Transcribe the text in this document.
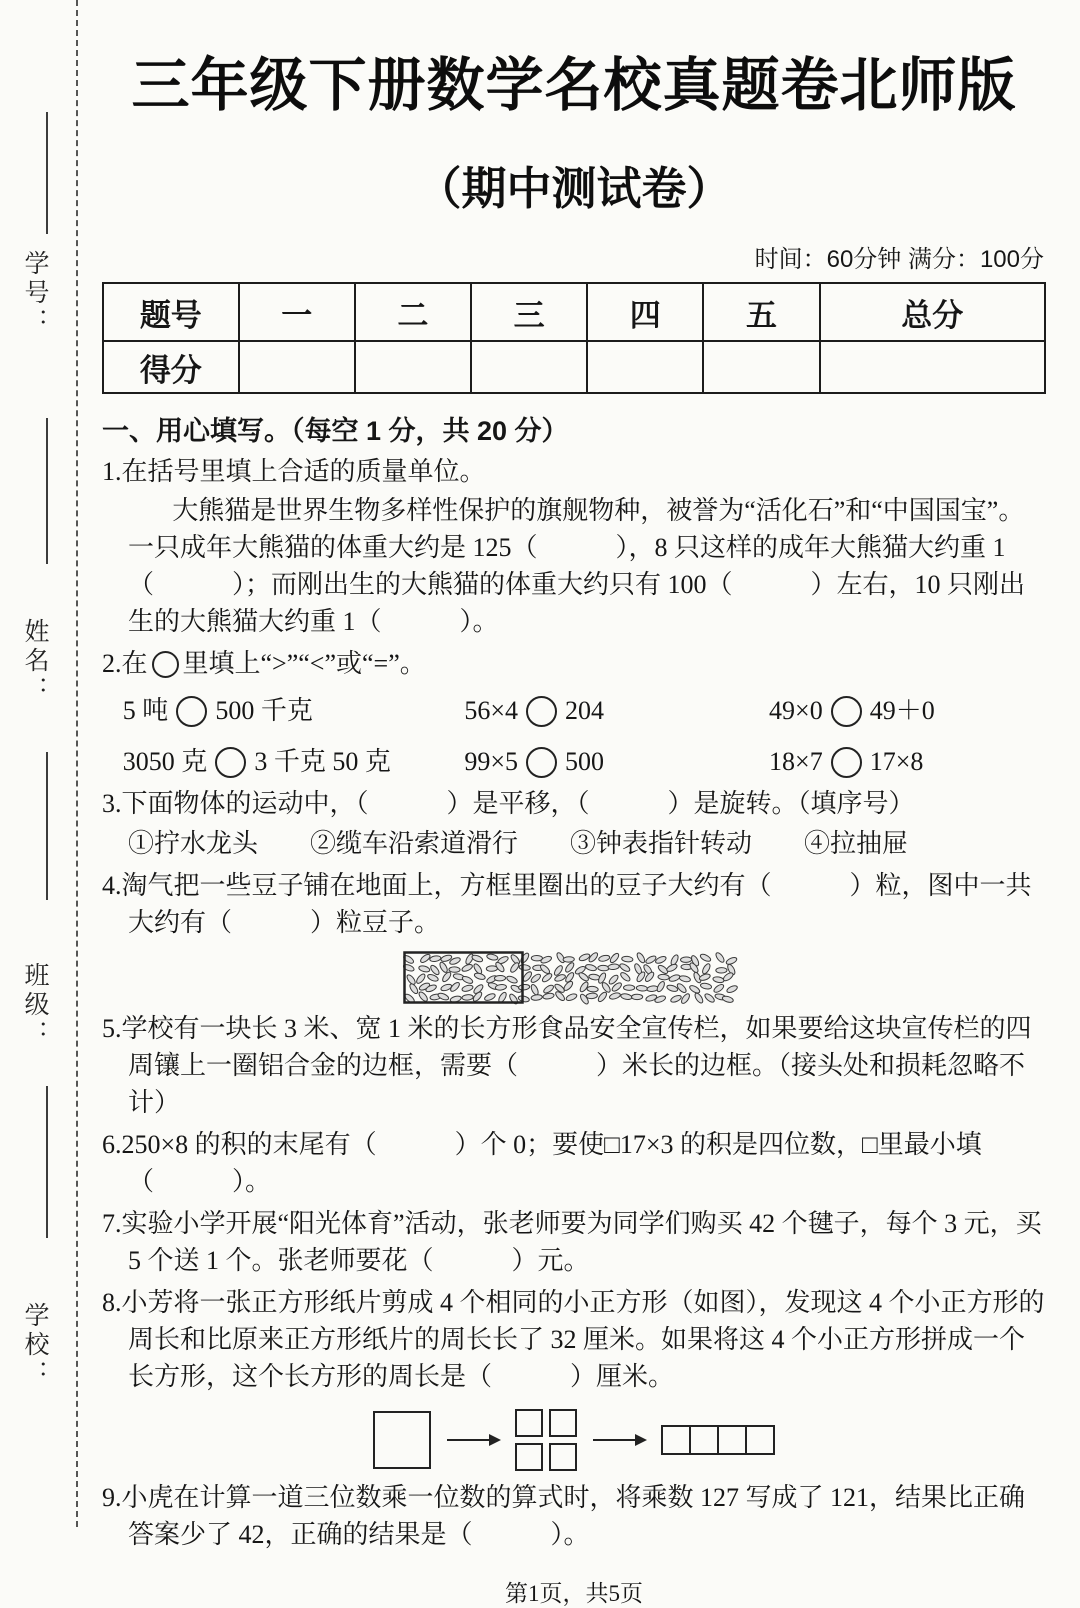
学号：
姓名：
班级：
学校：
三年级下册数学名校真题卷北师版
（期中测试卷）
时间：60分钟 满分：100分
题号	一	二	三	四	五	总分
得分						
一、用心填写。（每空 1 分，共 20 分）
1.在括号里填上合适的质量单位。
大熊猫是世界生物多样性保护的旗舰物种，被誉为“活化石”和“中国国宝”。一只成年大熊猫的体重大约是 125（　　　），8 只这样的成年大熊猫大约重 1（　　　）；而刚出生的大熊猫的体重大约只有 100（　　　）左右，10 只刚出生的大熊猫大约重 1（　　　）。
2.在 里填上“>”“<”或“=”。
5 吨 500 千克	56×4 204	49×0 49＋0
3050 克 3 千克 50 克	99×5 500	18×7 17×8
3.下面物体的运动中，（　　　）是平移，（　　　）是旋转。（填序号）
①拧水龙头　　②缆车沿索道滑行　　③钟表指针转动　　④拉抽屉
4.淘气把一些豆子铺在地面上，方框里圈出的豆子大约有（　　　）粒，图中一共大约有（　　　）粒豆子。
5.学校有一块长 3 米、宽 1 米的长方形食品安全宣传栏，如果要给这块宣传栏的四周镶上一圈铝合金的边框，需要（　　　）米长的边框。（接头处和损耗忽略不计）
6.250×8 的积的末尾有（　　　）个 0；要使□17×3 的积是四位数，□里最小填（　　　）。
7.实验小学开展“阳光体育”活动，张老师要为同学们购买 42 个毽子，每个 3 元，买 5 个送 1 个。张老师要花（　　　）元。
8.小芳将一张正方形纸片剪成 4 个相同的小正方形（如图），发现这 4 个小正方形的周长和比原来正方形纸片的周长长了 32 厘米。如果将这 4 个小正方形拼成一个长方形，这个长方形的周长是（　　　）厘米。
9.小虎在计算一道三位数乘一位数的算式时，将乘数 127 写成了 121，结果比正确答案少了 42，正确的结果是（　　　）。
第1页，共5页
